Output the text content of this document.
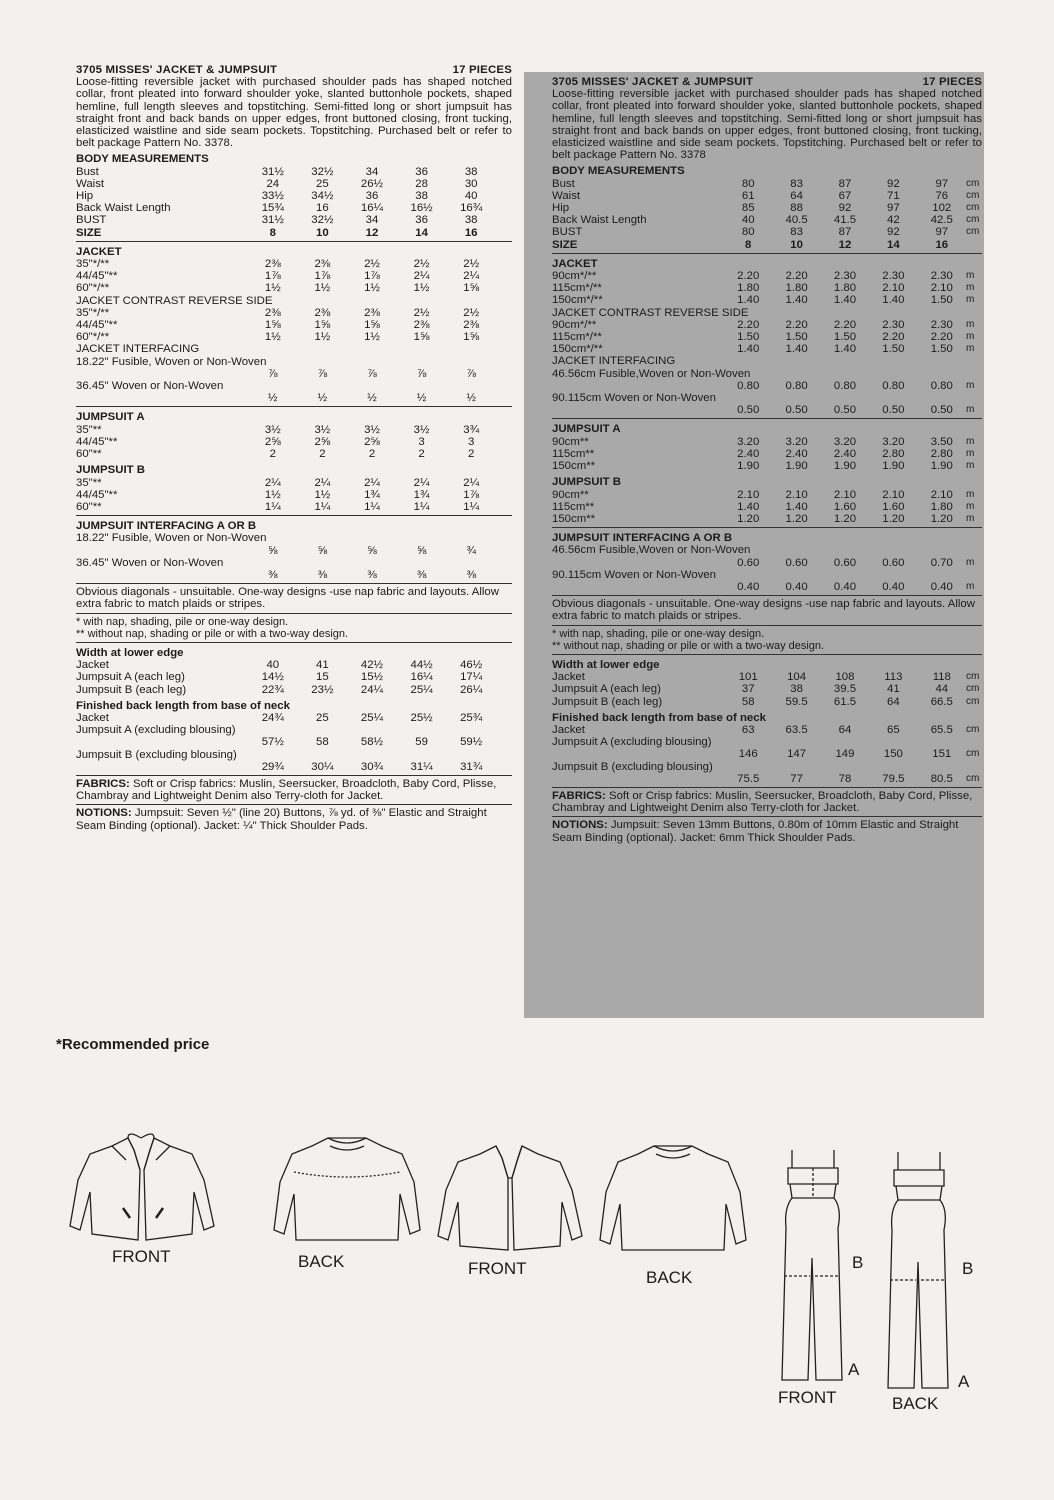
3705 MISSES' JACKET & JUMPSUIT	17 PIECES

Loose-fitting reversible jacket with purchased shoulder pads has shaped notched collar, front pleated into forward shoulder yoke, slanted buttonhole pockets, shaped hemline, full length sleeves and topstitching. Semi-fitted long or short jumpsuit has straight front and back bands on upper edges, front buttoned closing, front tucking, elasticized waistline and side seam pockets. Topstitching. Purchased belt or refer to belt package Pattern No. 3378.

BODY MEASUREMENTS
Bust	31½	32½	34	36	38	
Waist	24	25	26½	28	30	
Hip	33½	34½	36	38	40	
Back Waist Length	15¾	16	16¼	16½	16¾	
BUST	31½	32½	34	36	38	
SIZE	8	10	12	14	16	
JACKET
35"*/**	2⅜	2⅜	2½	2½	2½	
44/45"**	1⅞	1⅞	1⅞	2¼	2¼	
60"*/**	1½	1½	1½	1½	1⅝	
JACKET CONTRAST REVERSE SIDE
35"*/**	2⅜	2⅜	2⅜	2½	2½	
44/45"**	1⅝	1⅝	1⅝	2⅜	2⅜	
60"*/**	1½	1½	1½	1⅝	1⅝	
JACKET INTERFACING
18.22" Fusible, Woven or Non-Woven						
	⅞	⅞	⅞	⅞	⅞	
36.45" Woven or Non-Woven						
	½	½	½	½	½	
JUMPSUIT A
35"**	3½	3½	3½	3½	3¾	
44/45"**	2⅝	2⅝	2⅝	3	3	
60"**	2	2	2	2	2	
JUMPSUIT B
35"**	2¼	2¼	2¼	2¼	2¼	
44/45"**	1½	1½	1¾	1¾	1⅞	
60"**	1¼	1¼	1¼	1¼	1¼	
JUMPSUIT INTERFACING A OR B
18.22" Fusible, Woven or Non-Woven						
	⅝	⅝	⅝	⅝	¾	
36.45" Woven or Non-Woven						
	⅜	⅜	⅜	⅜	⅜	

Obvious diagonals - unsuitable. One-way designs -use nap fabric and layouts. Allow extra fabric to match plaids or stripes.

* with nap, shading, pile or one-way design.

** without nap, shading or pile or with a two-way design.

Width at lower edge
Jacket	40	41	42½	44½	46½	
Jumpsuit A (each leg)	14½	15	15½	16¼	17¼	
Jumpsuit B (each leg)	22¾	23½	24¼	25¼	26¼	
Finished back length from base of neck
Jacket	24¾	25	25¼	25½	25¾	
Jumpsuit A (excluding blousing)						
	57½	58	58½	59	59½	
Jumpsuit B (excluding blousing)						
	29¾	30¼	30¾	31¼	31¾	

FABRICS: Soft or Crisp fabrics: Muslin, Seersucker, Broadcloth, Baby Cord, Plisse, Chambray and Lightweight Denim also Terry-cloth for Jacket.

NOTIONS: Jumpsuit: Seven ½" (line 20) Buttons, ⅞ yd. of ⅜" Elastic and Straight Seam Binding (optional). Jacket: ¼" Thick Shoulder Pads.

3705 MISSES' JACKET & JUMPSUIT	17 PIECES

Loose-fitting reversible jacket with purchased shoulder pads has shaped notched collar, front pleated into forward shoulder yoke, slanted buttonhole pockets, shaped hemline, full length sleeves and topstitching. Semi-fitted long or short jumpsuit has straight front and back bands on upper edges, front buttoned closing, front tucking, elasticized waistline and side seam pockets. Topstitching. Purchased belt or refer to belt package Pattern No. 3378

BODY MEASUREMENTS
Bust	80	83	87	92	97	cm
Waist	61	64	67	71	76	cm
Hip	85	88	92	97	102	cm
Back Waist Length	40	40.5	41.5	42	42.5	cm
BUST	80	83	87	92	97	cm
SIZE	8	10	12	14	16	
JACKET
90cm*/**	2.20	2.20	2.30	2.30	2.30	m
115cm*/**	1.80	1.80	1.80	2.10	2.10	m
150cm*/**	1.40	1.40	1.40	1.40	1.50	m
JACKET CONTRAST REVERSE SIDE
90cm*/**	2.20	2.20	2.20	2.30	2.30	m
115cm*/**	1.50	1.50	1.50	2.20	2.20	m
150cm*/**	1.40	1.40	1.40	1.50	1.50	m
JACKET INTERFACING
46.56cm Fusible,Woven or Non-Woven						
	0.80	0.80	0.80	0.80	0.80	m
90.115cm Woven or Non-Woven						
	0.50	0.50	0.50	0.50	0.50	m
JUMPSUIT A
90cm**	3.20	3.20	3.20	3.20	3.50	m
115cm**	2.40	2.40	2.40	2.80	2.80	m
150cm**	1.90	1.90	1.90	1.90	1.90	m
JUMPSUIT B
90cm**	2.10	2.10	2.10	2.10	2.10	m
115cm**	1.40	1.40	1.60	1.60	1.80	m
150cm**	1.20	1.20	1.20	1.20	1.20	m
JUMPSUIT INTERFACING A OR B
46.56cm Fusible,Woven or Non-Woven						
	0.60	0.60	0.60	0.60	0.70	m
90.115cm Woven or Non-Woven						
	0.40	0.40	0.40	0.40	0.40	m

Obvious diagonals - unsuitable. One-way designs -use nap fabric and layouts. Allow extra fabric to match plaids or stripes.

* with nap, shading, pile or one-way design.

** without nap, shading or pile or with a two-way design.

Width at lower edge
Jacket	101	104	108	113	118	cm
Jumpsuit A (each leg)	37	38	39.5	41	44	cm
Jumpsuit B (each leg)	58	59.5	61.5	64	66.5	cm
Finished back length from base of neck
Jacket	63	63.5	64	65	65.5	cm
Jumpsuit A (excluding blousing)						
	146	147	149	150	151	cm
Jumpsuit B (excluding blousing)						
	75.5	77	78	79.5	80.5	cm

FABRICS: Soft or Crisp fabrics: Muslin, Seersucker, Broadcloth, Baby Cord, Plisse, Chambray and Lightweight Denim also Terry-cloth for Jacket.

NOTIONS: Jumpsuit: Seven 13mm Buttons, 0.80m of 10mm Elastic and Straight Seam Binding (optional). Jacket: 6mm Thick Shoulder Pads.

*Recommended price
FRONT	BACK	FRONT	BACK
FRONT
B
A
BACK
B
A
